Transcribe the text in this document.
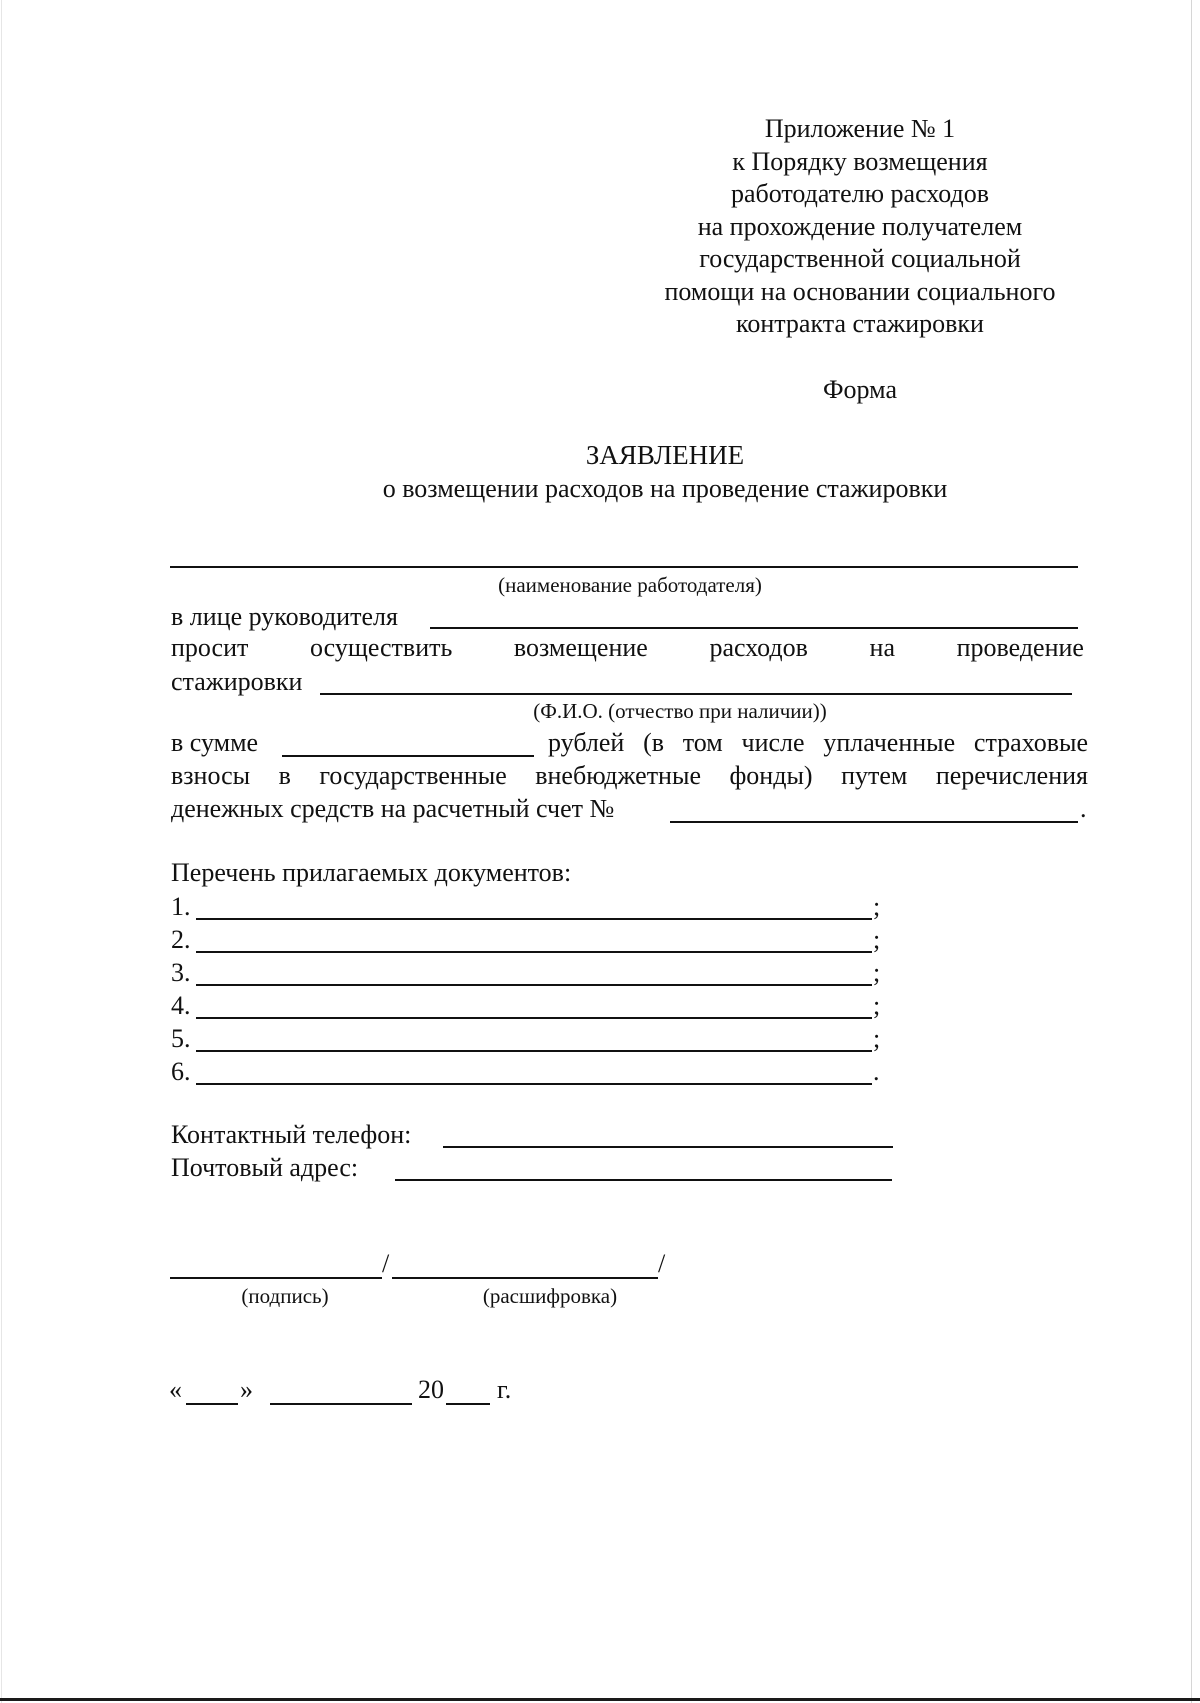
Приложение № 1
к Порядку возмещения
работодателю расходов
на прохождение получателем
государственной социальной
помощи на основании социального
контракта стажировки
Форма
ЗАЯВЛЕНИЕ
о возмещении расходов на проведение стажировки
(наименование работодателя)
в лице руководителя
просит осуществить возмещение расходов на проведение
стажировки
(Ф.И.О. (отчество при наличии))
в сумме	рублей (в том числе уплаченные страховые
взносы в государственные внебюджетные фонды) путем перечисления
денежных средств на расчетный счет №	.
Перечень прилагаемых документов:
1.	;
2.	;
3.	;
4.	;
5.	;
6.	.
Контактный телефон:
Почтовый адрес:
/	/
(подпись)	(расшифровка)
« »	20 г.
